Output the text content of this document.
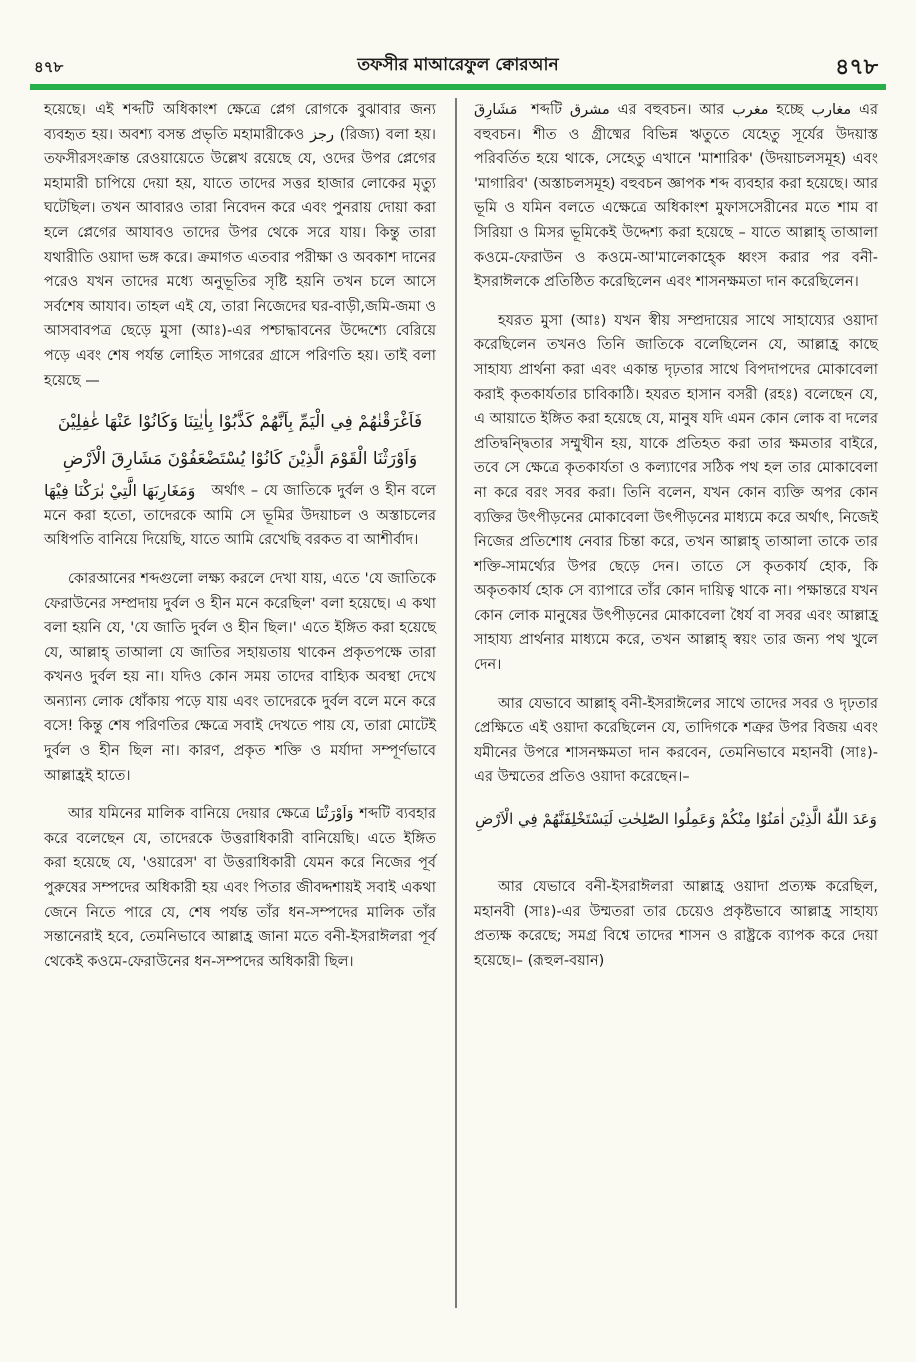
৪৭৮	তফসীর মাআরেফুল ক্বোরআন	৪৭৮

হয়েছে। এই শব্দটি অধিকাংশ ক্ষেত্রে প্লেগ রোগকে বুঝাবার জন্য ব্যবহৃত হয়। অবশ্য বসন্ত প্রভৃতি মহামারীকেও رجز (রিজ্য) বলা হয়। তফসীরসংক্রান্ত রেওয়ায়েতে উল্লেখ রয়েছে যে, ওদের উপর প্লেগের মহামারী চাপিয়ে দেয়া হয়, যাতে তাদের সত্তর হাজার লোকের মৃত্যু ঘটেছিল। তখন আবারও তারা নিবেদন করে এবং পুনরায় দোয়া করা হলে প্লেগের আযাবও তাদের উপর থেকে সরে যায়। কিন্তু তারা যথারীতি ওয়াদা ভঙ্গ করে। ক্রমাগত এতবার পরীক্ষা ও অবকাশ দানের পরেও যখন তাদের মধ্যে অনুভূতির সৃষ্টি হয়নি তখন চলে আসে সর্বশেষ আযাব। তাহল এই যে, তারা নিজেদের ঘর-বাড়ী,জমি-জমা ও আসবাবপত্র ছেড়ে মুসা (আঃ)-এর পশ্চাদ্ধাবনের উদ্দেশ্যে বেরিয়ে পড়ে এবং শেষ পর্যন্ত লোহিত সাগরের গ্রাসে পরিণতি হয়। তাই বলা হয়েছে —

فَاَغْرَقْنٰهُمْ فِي الْيَمِّ بِاَنَّهُمْ كَذَّبُوْا بِاٰيٰتِنَا وَكَانُوْا عَنْهَا غٰفِلِيْنَ
وَاَوْرَثْنَا الْقَوْمَ الَّذِيْنَ كَانُوْا يُسْتَضْعَفُوْنَ مَشَارِقَ الْاَرْضِ

وَمَغَارِبَهَا الَّتِيْ بٰرَكْنَا فِيْهَا অর্থাৎ – যে জাতিকে দুর্বল ও হীন বলে মনে করা হতো, তাদেরকে আমি সে ভূমির উদয়াচল ও অস্তাচলের অধিপতি বানিয়ে দিয়েছি, যাতে আমি রেখেছি বরকত বা আশীর্বাদ।

কোরআনের শব্দগুলো লক্ষ্য করলে দেখা যায়, এতে 'যে জাতিকে ফেরাউনের সম্প্রদায় দুর্বল ও হীন মনে করেছিল' বলা হয়েছে। এ কথা বলা হয়নি যে, 'যে জাতি দুর্বল ও হীন ছিল।' এতে ইঙ্গিত করা হয়েছে যে, আল্লাহ্ তাআলা যে জাতির সহায়তায় থাকেন প্রকৃতপক্ষে তারা কখনও দুর্বল হয় না। যদিও কোন সময় তাদের বাহ্যিক অবস্থা দেখে অন্যান্য লোক ধোঁকায় পড়ে যায় এবং তাদেরকে দুর্বল বলে মনে করে বসে! কিন্তু শেষ পরিণতির ক্ষেত্রে সবাই দেখতে পায় যে, তারা মোটেই দুর্বল ও হীন ছিল না। কারণ, প্রকৃত শক্তি ও মর্যাদা সম্পূর্ণভাবে আল্লাহ্রই হাতে।

আর যমিনের মালিক বানিয়ে দেয়ার ক্ষেত্রে وَاَوْرَثْنَا শব্দটি ব্যবহার করে বলেছেন যে, তাদেরকে উত্তরাধিকারী বানিয়েছি। এতে ইঙ্গিত করা হয়েছে যে, 'ওয়ারেস' বা উত্তরাধিকারী যেমন করে নিজের পূর্ব পুরুষের সম্পদের অধিকারী হয় এবং পিতার জীবদ্দশায়ই সবাই একথা জেনে নিতে পারে যে, শেষ পর্যন্ত তাঁর ধন-সম্পদের মালিক তাঁর সন্তানেরাই হবে, তেমনিভাবে আল্লাহ্র জানা মতে বনী-ইসরাঈলরা পূর্ব থেকেই কওমে-ফেরাউনের ধন-সম্পদের অধিকারী ছিল।

مَشَارِقَ শব্দটি مشرق এর বহুবচন। আর مغرب হচ্ছে مغارب এর বহুবচন। শীত ও গ্রীষ্মের বিভিন্ন ঋতুতে যেহেতু সূর্যের উদয়াস্ত পরিবর্তিত হয়ে থাকে, সেহেতু এখানে 'মাশারিক' (উদয়াচলসমূহ) এবং 'মাগারিব' (অস্তাচলসমূহ) বহুবচন জ্ঞাপক শব্দ ব্যবহার করা হয়েছে। আর ভূমি ও যমিন বলতে এক্ষেত্রে অধিকাংশ মুফাসসেরীনের মতে শাম বা সিরিয়া ও মিসর ভূমিকেই উদ্দেশ্য করা হয়েছে – যাতে আল্লাহ্ তাআলা কওমে-ফেরাউন ও কওমে-আ'মালেকাহ্কে ধ্বংস করার পর বনী-ইসরাঈলকে প্রতিষ্ঠিত করেছিলেন এবং শাসনক্ষমতা দান করেছিলেন।

হযরত মুসা (আঃ) যখন স্বীয় সম্প্রদায়ের সাথে সাহায্যের ওয়াদা করেছিলেন তখনও তিনি জাতিকে বলেছিলেন যে, আল্লাহ্র কাছে সাহায্য প্রার্থনা করা এবং একান্ত দৃঢ়তার সাথে বিপদাপদের মোকাবেলা করাই কৃতকার্যতার চাবিকাঠি। হযরত হাসান বসরী (রহঃ) বলেছেন যে, এ আয়াতে ইঙ্গিত করা হয়েছে যে, মানুষ যদি এমন কোন লোক বা দলের প্রতিদ্বন্দ্বিতার সম্মুখীন হয়, যাকে প্রতিহত করা তার ক্ষমতার বাইরে, তবে সে ক্ষেত্রে কৃতকার্যতা ও কল্যাণের সঠিক পথ হল তার মোকাবেলা না করে বরং সবর করা। তিনি বলেন, যখন কোন ব্যক্তি অপর কোন ব্যক্তির উৎপীড়নের মোকাবেলা উৎপীড়নের মাধ্যমে করে অর্থাৎ, নিজেই নিজের প্রতিশোধ নেবার চিন্তা করে, তখন আল্লাহ্ তাআলা তাকে তার শক্তি-সামর্থ্যের উপর ছেড়ে দেন। তাতে সে কৃতকার্য হোক, কি অকৃতকার্য হোক সে ব্যাপারে তাঁর কোন দায়িত্ব থাকে না। পক্ষান্তরে যখন কোন লোক মানুষের উৎপীড়নের মোকাবেলা ধৈর্য বা সবর এবং আল্লাহ্র সাহায্য প্রার্থনার মাধ্যমে করে, তখন আল্লাহ্ স্বয়ং তার জন্য পথ খুলে দেন।

আর যেভাবে আল্লাহ্ বনী-ইসরাঈলের সাথে তাদের সবর ও দৃঢ়তার প্রেক্ষিতে এই ওয়াদা করেছিলেন যে, তাদিগকে শত্রুর উপর বিজয় এবং যমীনের উপরে শাসনক্ষমতা দান করবেন, তেমনিভাবে মহানবী (সাঃ)-এর উম্মতের প্রতিও ওয়াদা করেছেন।–

وَعَدَ اللّٰهُ الَّذِيْنَ اٰمَنُوْا مِنْكُمْ وَعَمِلُوا الصّٰلِحٰتِ لَيَسْتَخْلِفَنَّهُمْ فِي الْاَرْضِ

আর যেভাবে বনী-ইসরাঈলরা আল্লাহ্র ওয়াদা প্রত্যক্ষ করেছিল, মহানবী (সাঃ)-এর উম্মতরা তার চেয়েও প্রকৃষ্টভাবে আল্লাহ্র সাহায্য প্রত্যক্ষ করেছে; সমগ্র বিশ্বে তাদের শাসন ও রাষ্ট্রকে ব্যাপক করে দেয়া হয়েছে।– (রূহুল-বয়ান)
